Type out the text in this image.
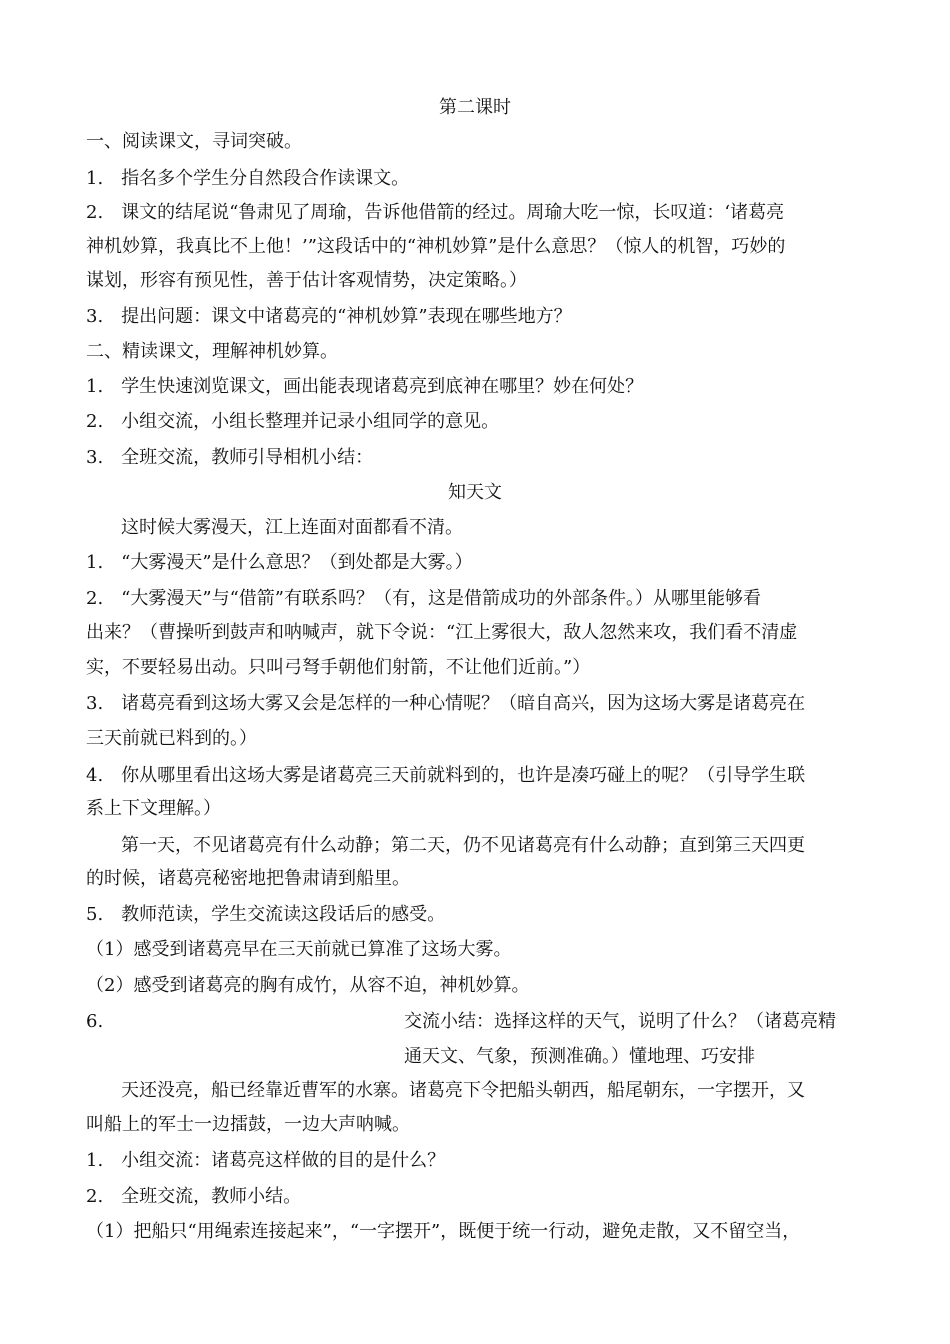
第二课时
一、阅读课文，寻词突破。
1.　指名多个学生分自然段合作读课文。
2.　课文的结尾说“鲁肃见了周瑜，告诉他借箭的经过。周瑜大吃一惊，长叹道：‘诸葛亮
神机妙算，我真比不上他！’”这段话中的“神机妙算”是什么意思？（惊人的机智，巧妙的
谋划，形容有预见性，善于估计客观情势，决定策略。）
3.　提出问题：课文中诸葛亮的“神机妙算”表现在哪些地方？
二、精读课文，理解神机妙算。
1.　学生快速浏览课文，画出能表现诸葛亮到底神在哪里？妙在何处？
2.　小组交流，小组长整理并记录小组同学的意见。
3.　全班交流，教师引导相机小结：
知天文
这时候大雾漫天，江上连面对面都看不清。
1.　“大雾漫天”是什么意思？（到处都是大雾。）
2.　“大雾漫天”与“借箭”有联系吗？（有，这是借箭成功的外部条件。）从哪里能够看
出来？（曹操听到鼓声和呐喊声，就下令说：“江上雾很大，敌人忽然来攻，我们看不清虚
实，不要轻易出动。只叫弓弩手朝他们射箭，不让他们近前。”）
3.　诸葛亮看到这场大雾又会是怎样的一种心情呢？（暗自高兴，因为这场大雾是诸葛亮在
三天前就已料到的。）
4.　你从哪里看出这场大雾是诸葛亮三天前就料到的，也许是凑巧碰上的呢？（引导学生联
系上下文理解。）
第一天，不见诸葛亮有什么动静；第二天，仍不见诸葛亮有什么动静；直到第三天四更
的时候，诸葛亮秘密地把鲁肃请到船里。
5.　教师范读，学生交流读这段话后的感受。
（1）感受到诸葛亮早在三天前就已算准了这场大雾。
（2）感受到诸葛亮的胸有成竹，从容不迫，神机妙算。
6.	交流小结：选择这样的天气，说明了什么？（诸葛亮精
通天文、气象，预测准确。）懂地理、巧安排
天还没亮，船已经靠近曹军的水寨。诸葛亮下令把船头朝西，船尾朝东，一字摆开，又
叫船上的军士一边擂鼓，一边大声呐喊。
1.　小组交流：诸葛亮这样做的目的是什么？
2.　全班交流，教师小结。
（1）把船只“用绳索连接起来”，“一字摆开”，既便于统一行动，避免走散，又不留空当，
